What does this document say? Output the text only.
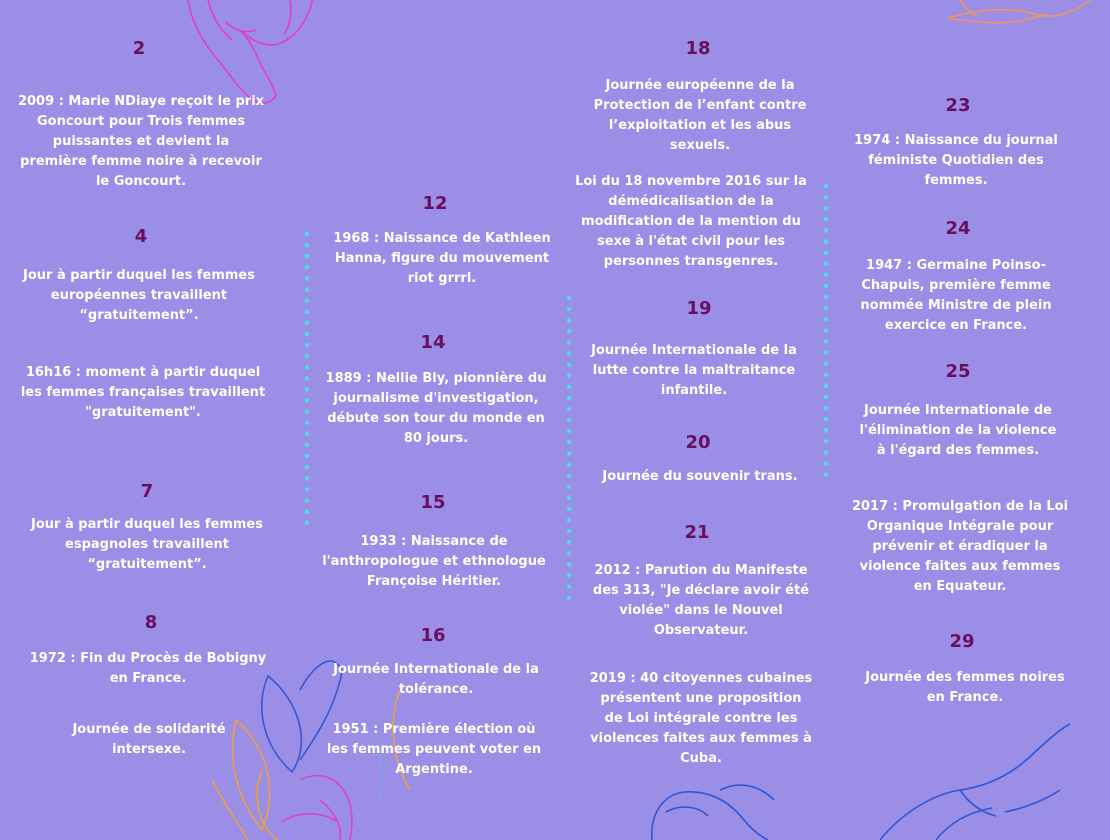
2

2009 : Marie NDiaye reçoit le prix
Goncourt pour Trois femmes
puissantes et devient la
première femme noire à recevoir
le Goncourt.

4

Jour à partir duquel les femmes
européennes travaillent
“gratuitement”.

16h16 : moment à partir duquel
les femmes françaises travaillent
"gratuitement".

7

Jour à partir duquel les femmes
espagnoles travaillent
“gratuitement”.

8

1972 : Fin du Procès de Bobigny
en France.

Journée de solidarité
intersexe.

12

1968 : Naissance de Kathleen
Hanna, figure du mouvement
riot grrrl.

14

1889 : Nellie Bly, pionnière du
journalisme d'investigation,
débute son tour du monde en
80 jours.

15

1933 : Naissance de
l'anthropologue et ethnologue
Françoise Héritier.

16

Journée Internationale de la
tolérance.

1951 : Première élection où
les femmes peuvent voter en
Argentine.

18

Journée européenne de la
Protection de l’enfant contre
l’exploitation et les abus
sexuels.

Loi du 18 novembre 2016 sur la
démédicalisation de la
modification de la mention du
sexe à l'état civil pour les
personnes transgenres.

19

Journée Internationale de la
lutte contre la maltraitance
infantile.

20

Journée du souvenir trans.

21

2012 : Parution du Manifeste
des 313, "Je déclare avoir été
violée" dans le Nouvel
Observateur.

2019 : 40 citoyennes cubaines
présentent une proposition
de Loi intégrale contre les
violences faites aux femmes à
Cuba.

23

1974 : Naissance du journal
féministe Quotidien des
femmes.

24

1947 : Germaine Poinso-
Chapuis, première femme
nommée Ministre de plein
exercice en France.

25

Journée Internationale de
l'élimination de la violence
à l'égard des femmes.

2017 : Promulgation de la Loi
Organique Intégrale pour
prévenir et éradiquer la
violence faites aux femmes
en Equateur.

29

Journée des femmes noires
en France.
